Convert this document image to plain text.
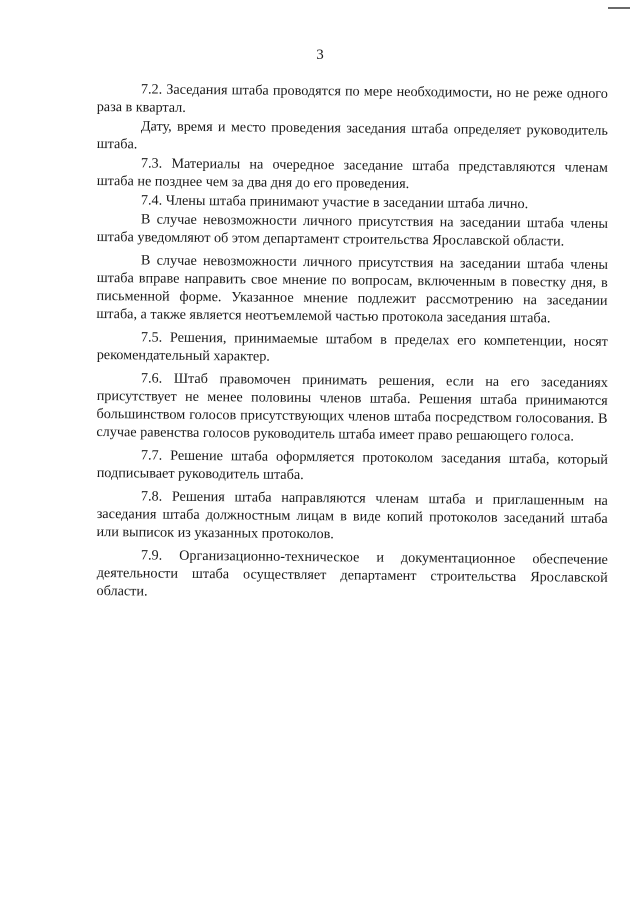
3

7.2. Заседания штаба проводятся по мере необходимости, но не реже одного раза в квартал.

Дату, время и место проведения заседания штаба определяет руководитель штаба.

7.3. Материалы на очередное заседание штаба представляются членам штаба не позднее чем за два дня до его проведения.

7.4. Члены штаба принимают участие в заседании штаба лично.

В случае невозможности личного присутствия на заседании штаба члены штаба уведомляют об этом департамент строительства Ярославской области.

В случае невозможности личного присутствия на заседании штаба члены штаба вправе направить свое мнение по вопросам, включенным в повестку дня, в письменной форме. Указанное мнение подлежит рассмотрению на заседании штаба, а также является неотъемлемой частью протокола заседания штаба.

7.5. Решения, принимаемые штабом в пределах его компетенции, носят рекомендательный характер.

7.6. Штаб правомочен принимать решения, если на его заседаниях присутствует не менее половины членов штаба. Решения штаба принимаются большинством голосов присутствующих членов штаба посредством голосования. В случае равенства голосов руководитель штаба имеет право решающего голоса.

7.7. Решение штаба оформляется протоколом заседания штаба, который подписывает руководитель штаба.

7.8. Решения штаба направляются членам штаба и приглашенным на заседания штаба должностным лицам в виде копий протоколов заседаний штаба или выписок из указанных протоколов.

7.9. Организационно-техническое и документационное обеспечение деятельности штаба осуществляет департамент строительства Ярославской области.
